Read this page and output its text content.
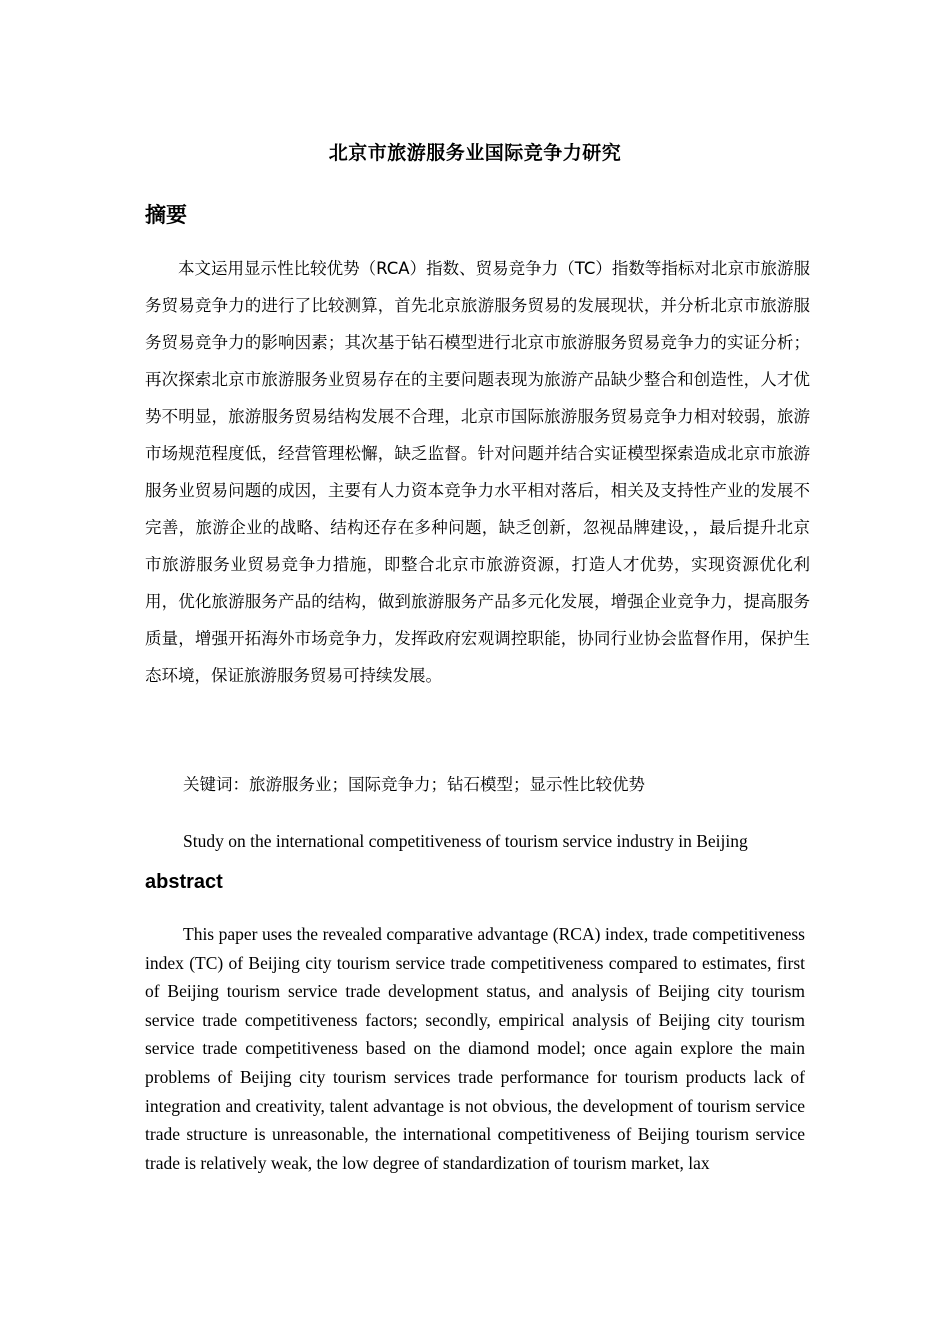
北京市旅游服务业国际竞争力研究
摘要

本文运用显示性比较优势（RCA）指数、贸易竞争力（TC）指数等指标对北京市旅游服务贸易竞争力的进行了比较测算，首先北京旅游服务贸易的发展现状，并分析北京市旅游服务贸易竞争力的影响因素；其次基于钻石模型进行北京市旅游服务贸易竞争力的实证分析；再次探索北京市旅游服务业贸易存在的主要问题表现为旅游产品缺少整合和创造性，人才优势不明显，旅游服务贸易结构发展不合理，北京市国际旅游服务贸易竞争力相对较弱，旅游市场规范程度低，经营管理松懈，缺乏监督。针对问题并结合实证模型探索造成北京市旅游服务业贸易问题的成因，主要有人力资本竞争力水平相对落后，相关及支持性产业的发展不完善，旅游企业的战略、结构还存在多种问题，缺乏创新，忽视品牌建设，，最后提升北京市旅游服务业贸易竞争力措施，即整合北京市旅游资源，打造人才优势，实现资源优化利用，优化旅游服务产品的结构，做到旅游服务产品多元化发展，增强企业竞争力，提高服务质量，增强开拓海外市场竞争力，发挥政府宏观调控职能，协同行业协会监督作用，保护生态环境，保证旅游服务贸易可持续发展。

关键词：旅游服务业；国际竞争力；钻石模型；显示性比较优势
Study on the international competitiveness of tourism service industry in Beijing
abstract

This paper uses the revealed comparative advantage (RCA) index, trade competitiveness index (TC) of Beijing city tourism service trade competitiveness compared to estimates, first of Beijing tourism service trade development status, and analysis of Beijing city tourism service trade competitiveness factors; secondly, empirical analysis of Beijing city tourism service trade competitiveness based on the diamond model; once again explore the main problems of Beijing city tourism services trade performance for tourism products lack of integration and creativity, talent advantage is not obvious, the development of tourism service trade structure is unreasonable, the international competitiveness of Beijing tourism service trade is relatively weak, the low degree of standardization of tourism market, lax
